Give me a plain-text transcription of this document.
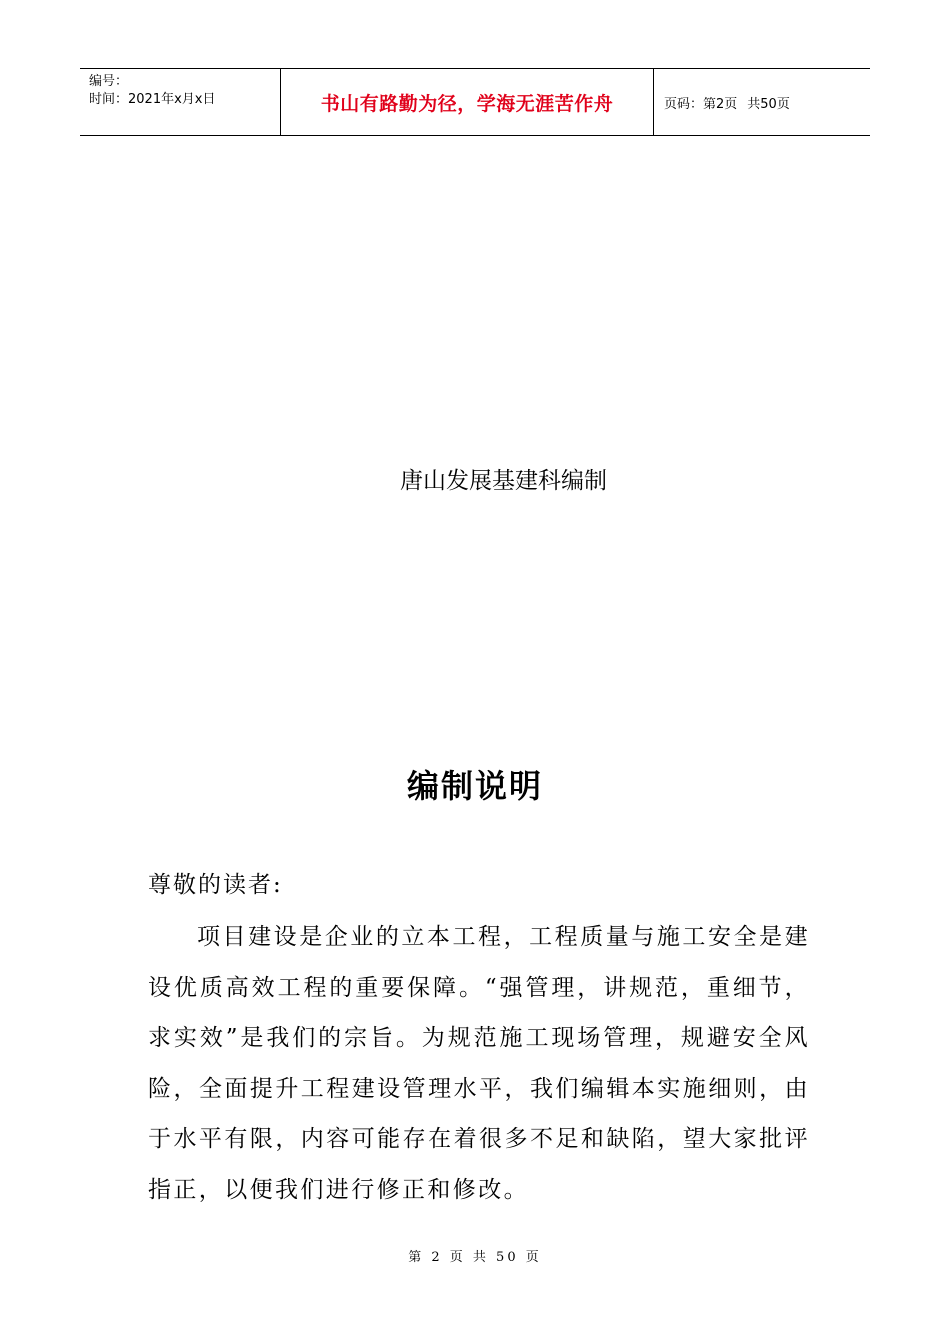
编号：
时间：2021年x月x日	书山有路勤为径，学海无涯苦作舟	页码：第2页 共50页
唐山发展基建科编制
编制说明
尊敬的读者:

项目建设是企业的立本工程，工程质量与施工安全是建设优质高效工程的重要保障。“强管理，讲规范，重细节，求实效”是我们的宗旨。为规范施工现场管理，规避安全风险，全面提升工程建设管理水平，我们编辑本实施细则，由于水平有限，内容可能存在着很多不足和缺陷，望大家批评指正，以便我们进行修正和修改。

第 2 页 共 50 页
